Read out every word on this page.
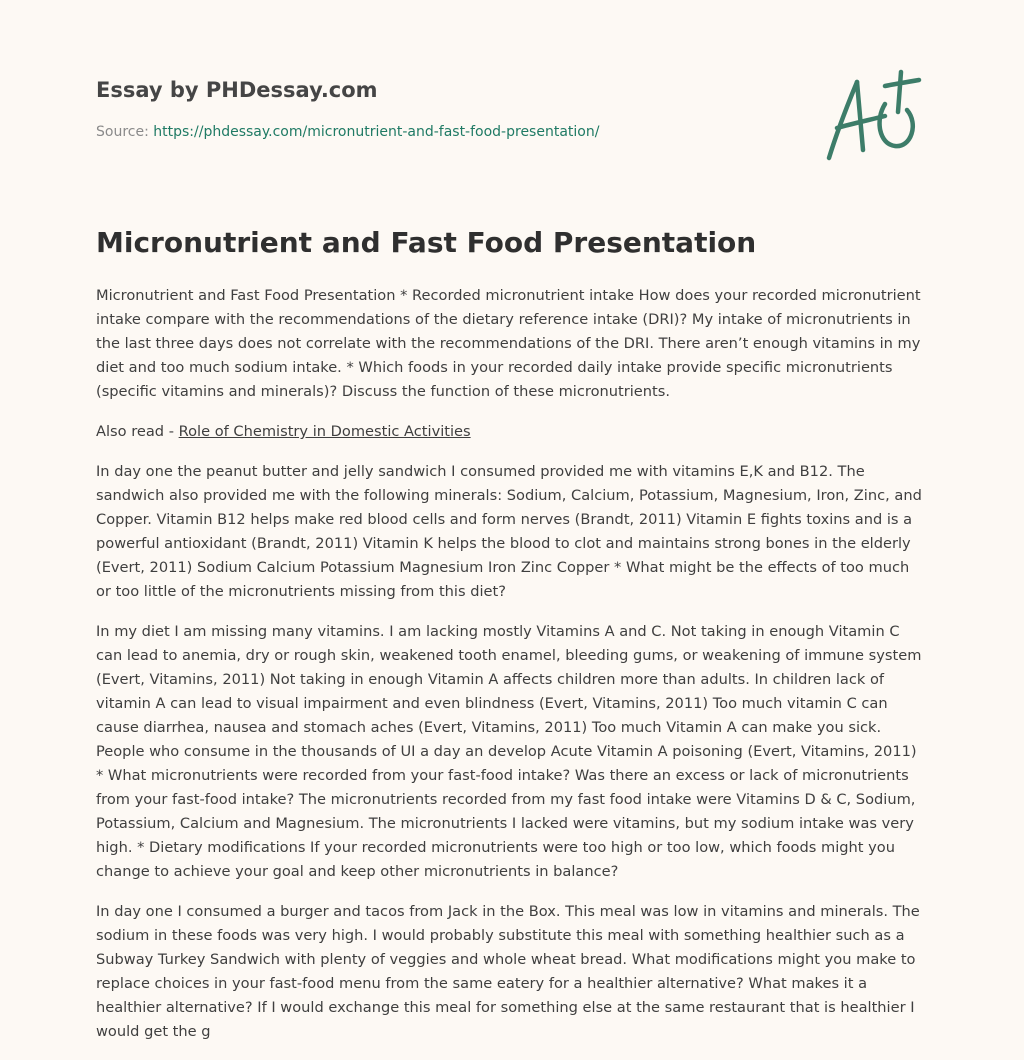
Essay by PHDessay.com
Source: https://phdessay.com/micronutrient-and-fast-food-presentation/
Micronutrient and Fast Food Presentation

Micronutrient and Fast Food Presentation * Recorded micronutrient intake How does your recorded micronutrient intake compare with the recommendations of the dietary reference intake (DRI)? My intake of micronutrients in the last three days does not correlate with the recommendations of the DRI. There aren’t enough vitamins in my diet and too much sodium intake. * Which foods in your recorded daily intake provide specific micronutrients (specific vitamins and minerals)? Discuss the function of these micronutrients.

Also read - Role of Chemistry in Domestic Activities

In day one the peanut butter and jelly sandwich I consumed provided me with vitamins E,K and B12. The sandwich also provided me with the following minerals: Sodium, Calcium, Potassium, Magnesium, Iron, Zinc, and Copper. Vitamin B12 helps make red blood cells and form nerves (Brandt, 2011) Vitamin E fights toxins and is a powerful antioxidant (Brandt, 2011) Vitamin K helps the blood to clot and maintains strong bones in the elderly (Evert, 2011) Sodium Calcium Potassium Magnesium Iron Zinc Copper * What might be the effects of too much or too little of the micronutrients missing from this diet?

In my diet I am missing many vitamins. I am lacking mostly Vitamins A and C. Not taking in enough Vitamin C can lead to anemia, dry or rough skin, weakened tooth enamel, bleeding gums, or weakening of immune system (Evert, Vitamins, 2011) Not taking in enough Vitamin A affects children more than adults. In children lack of vitamin A can lead to visual impairment and even blindness (Evert, Vitamins, 2011) Too much vitamin C can cause diarrhea, nausea and stomach aches (Evert, Vitamins, 2011) Too much Vitamin A can make you sick. People who consume in the thousands of UI a day an develop Acute Vitamin A poisoning (Evert, Vitamins, 2011) * What micronutrients were recorded from your fast-food intake? Was there an excess or lack of micronutrients from your fast-food intake? The micronutrients recorded from my fast food intake were Vitamins D & C, Sodium, Potassium, Calcium and Magnesium. The micronutrients I lacked were vitamins, but my sodium intake was very high. * Dietary modifications If your recorded micronutrients were too high or too low, which foods might you change to achieve your goal and keep other micronutrients in balance?

In day one I consumed a burger and tacos from Jack in the Box. This meal was low in vitamins and minerals. The sodium in these foods was very high. I would probably substitute this meal with something healthier such as a Subway Turkey Sandwich with plenty of veggies and whole wheat bread. What modifications might you make to replace choices in your fast-food menu from the same eatery for a healthier alternative? What makes it a healthier alternative? If I would exchange this meal for something else at the same restaurant that is healthier I would get the g
